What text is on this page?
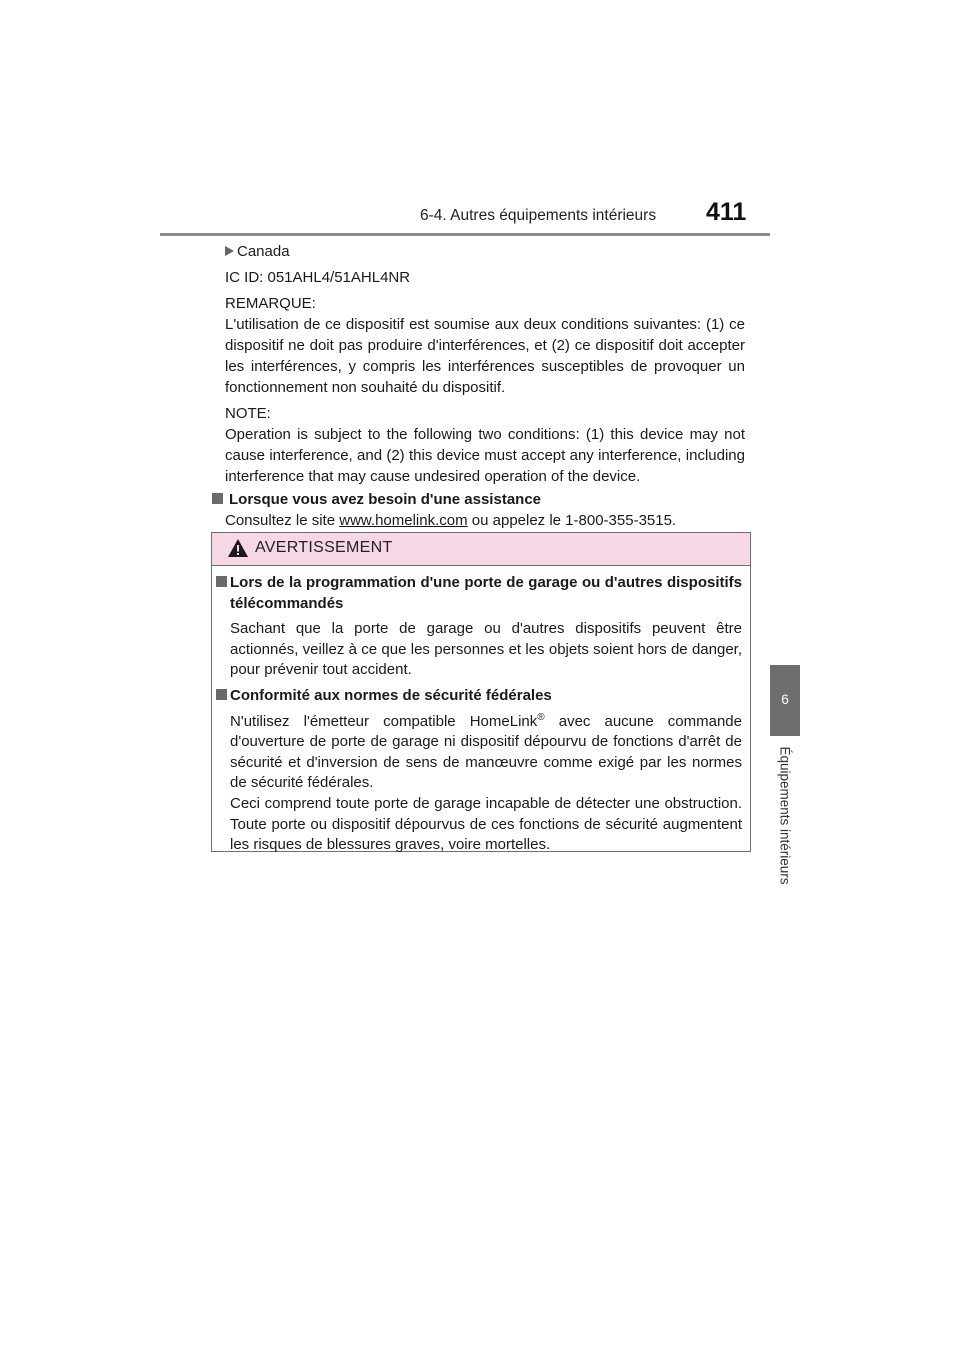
6-4. Autres équipements intérieurs 411
6
Équipements intérieurs

Canada

IC ID: 051AHL4/51AHL4NR

REMARQUE:

L'utilisation de ce dispositif est soumise aux deux conditions suivantes: (1) ce dispositif ne doit pas produire d'interférences, et (2) ce dispositif doit accepter les interférences, y compris les interférences susceptibles de provoquer un fonctionnement non souhaité du dispositif.

NOTE:

Operation is subject to the following two conditions: (1) this device may not cause interference, and (2) this device must accept any interference, including interference that may cause undesired operation of the device.

Lorsque vous avez besoin d'une assistance

Consultez le site www.homelink.com ou appelez le 1-800-355-3515.

AVERTISSEMENT

Lors de la programmation d'une porte de garage ou d'autres dispositifs télécommandés

Sachant que la porte de garage ou d'autres dispositifs peuvent être actionnés, veillez à ce que les personnes et les objets soient hors de danger, pour prévenir tout accident.

Conformité aux normes de sécurité fédérales

N'utilisez l'émetteur compatible HomeLink® avec aucune commande d'ouverture de porte de garage ni dispositif dépourvu de fonctions d'arrêt de sécurité et d'inversion de sens de manœuvre comme exigé par les normes de sécurité fédérales.

Ceci comprend toute porte de garage incapable de détecter une obstruction. Toute porte ou dispositif dépourvus de ces fonctions de sécurité augmentent les risques de blessures graves, voire mortelles.
